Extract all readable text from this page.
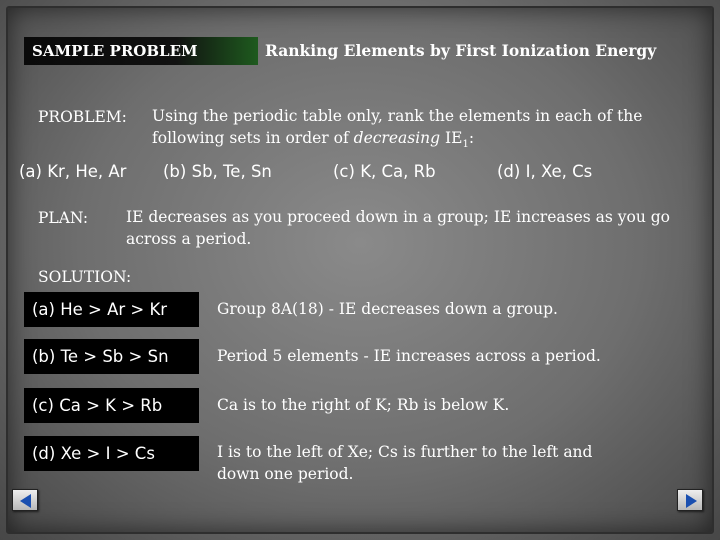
SAMPLE PROBLEM	Ranking Elements by First Ionization Energy
PROBLEM: Using the periodic table only, rank the elements in each of the following sets in order of decreasing $IE_1$:
(a) Kr, He, Ar (b) Sb, Te, Sn	(c) K, Ca, Rb	(d) I, Xe, Cs
PLAN: IE decreases as you proceed down in a group; IE increases as you go across a period.
SOLUTION:
(a) He > Ar > Kr	Group 8A(18) - IE decreases down a group.
(b) Te > Sb > Sn	Period 5 elements - IE increases across a period.
(c) Ca > K > Rb	Ca is to the right of K; Rb is below K.
(d) Xe > I > Cs	I is to the left of Xe; Cs is further to the left and down one period.
